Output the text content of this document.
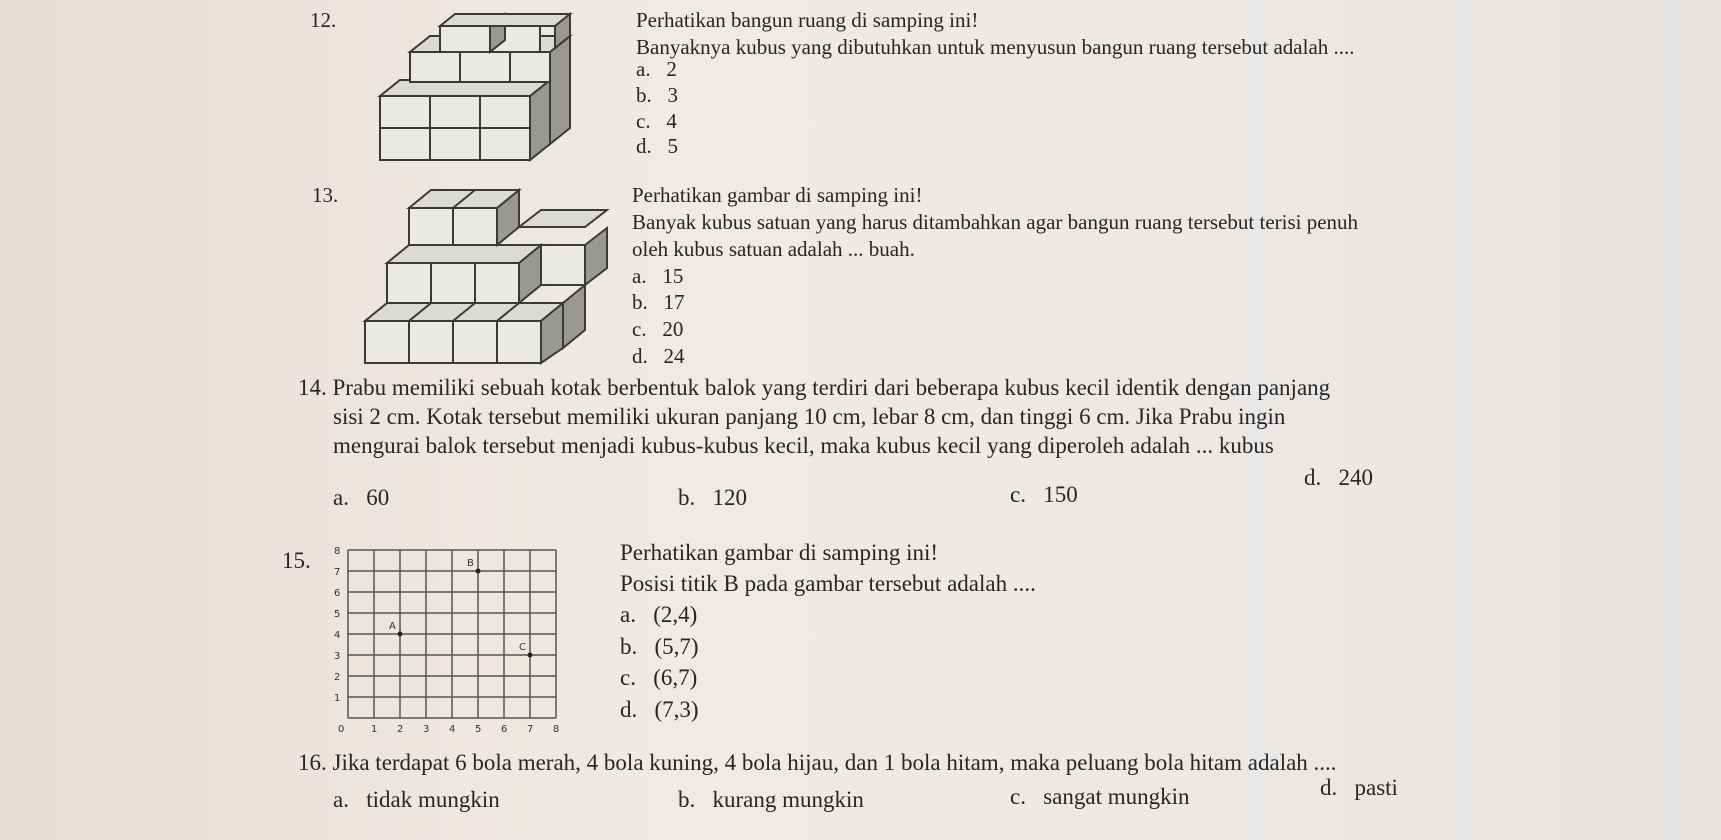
12.	Perhatikan bangun ruang di samping ini!
Banyaknya kubus yang dibutuhkan untuk menyusun bangun ruang tersebut adalah ....
a. 2
b. 3
c. 4
d. 5
13.	Perhatikan gambar di samping ini!
Banyak kubus satuan yang harus ditambahkan agar bangun ruang tersebut terisi penuh
oleh kubus satuan adalah ... buah.
a. 15
b. 17
c. 20
d. 24
14. Prabu memiliki sebuah kotak berbentuk balok yang terdiri dari beberapa kubus kecil identik dengan panjang
sisi 2 cm. Kotak tersebut memiliki ukuran panjang 10 cm, lebar 8 cm, dan tinggi 6 cm. Jika Prabu ingin
mengurai balok tersebut menjadi kubus-kubus kecil, maka kubus kecil yang diperoleh adalah ... kubus
a. 60	b. 120	c. 150
d. 240
15.
0	1 2 3 4 5 6 7 8
1
2
3
4
5
6
7
8
A
B
C
Perhatikan gambar di samping ini!
Posisi titik B pada gambar tersebut adalah ....
a. (2,4)
b. (5,7)
c. (6,7)
d. (7,3)
16. Jika terdapat 6 bola merah, 4 bola kuning, 4 bola hijau, dan 1 bola hitam, maka peluang bola hitam adalah ....
a. tidak mungkin	b. kurang mungkin	c. sangat mungkin	d. pasti
